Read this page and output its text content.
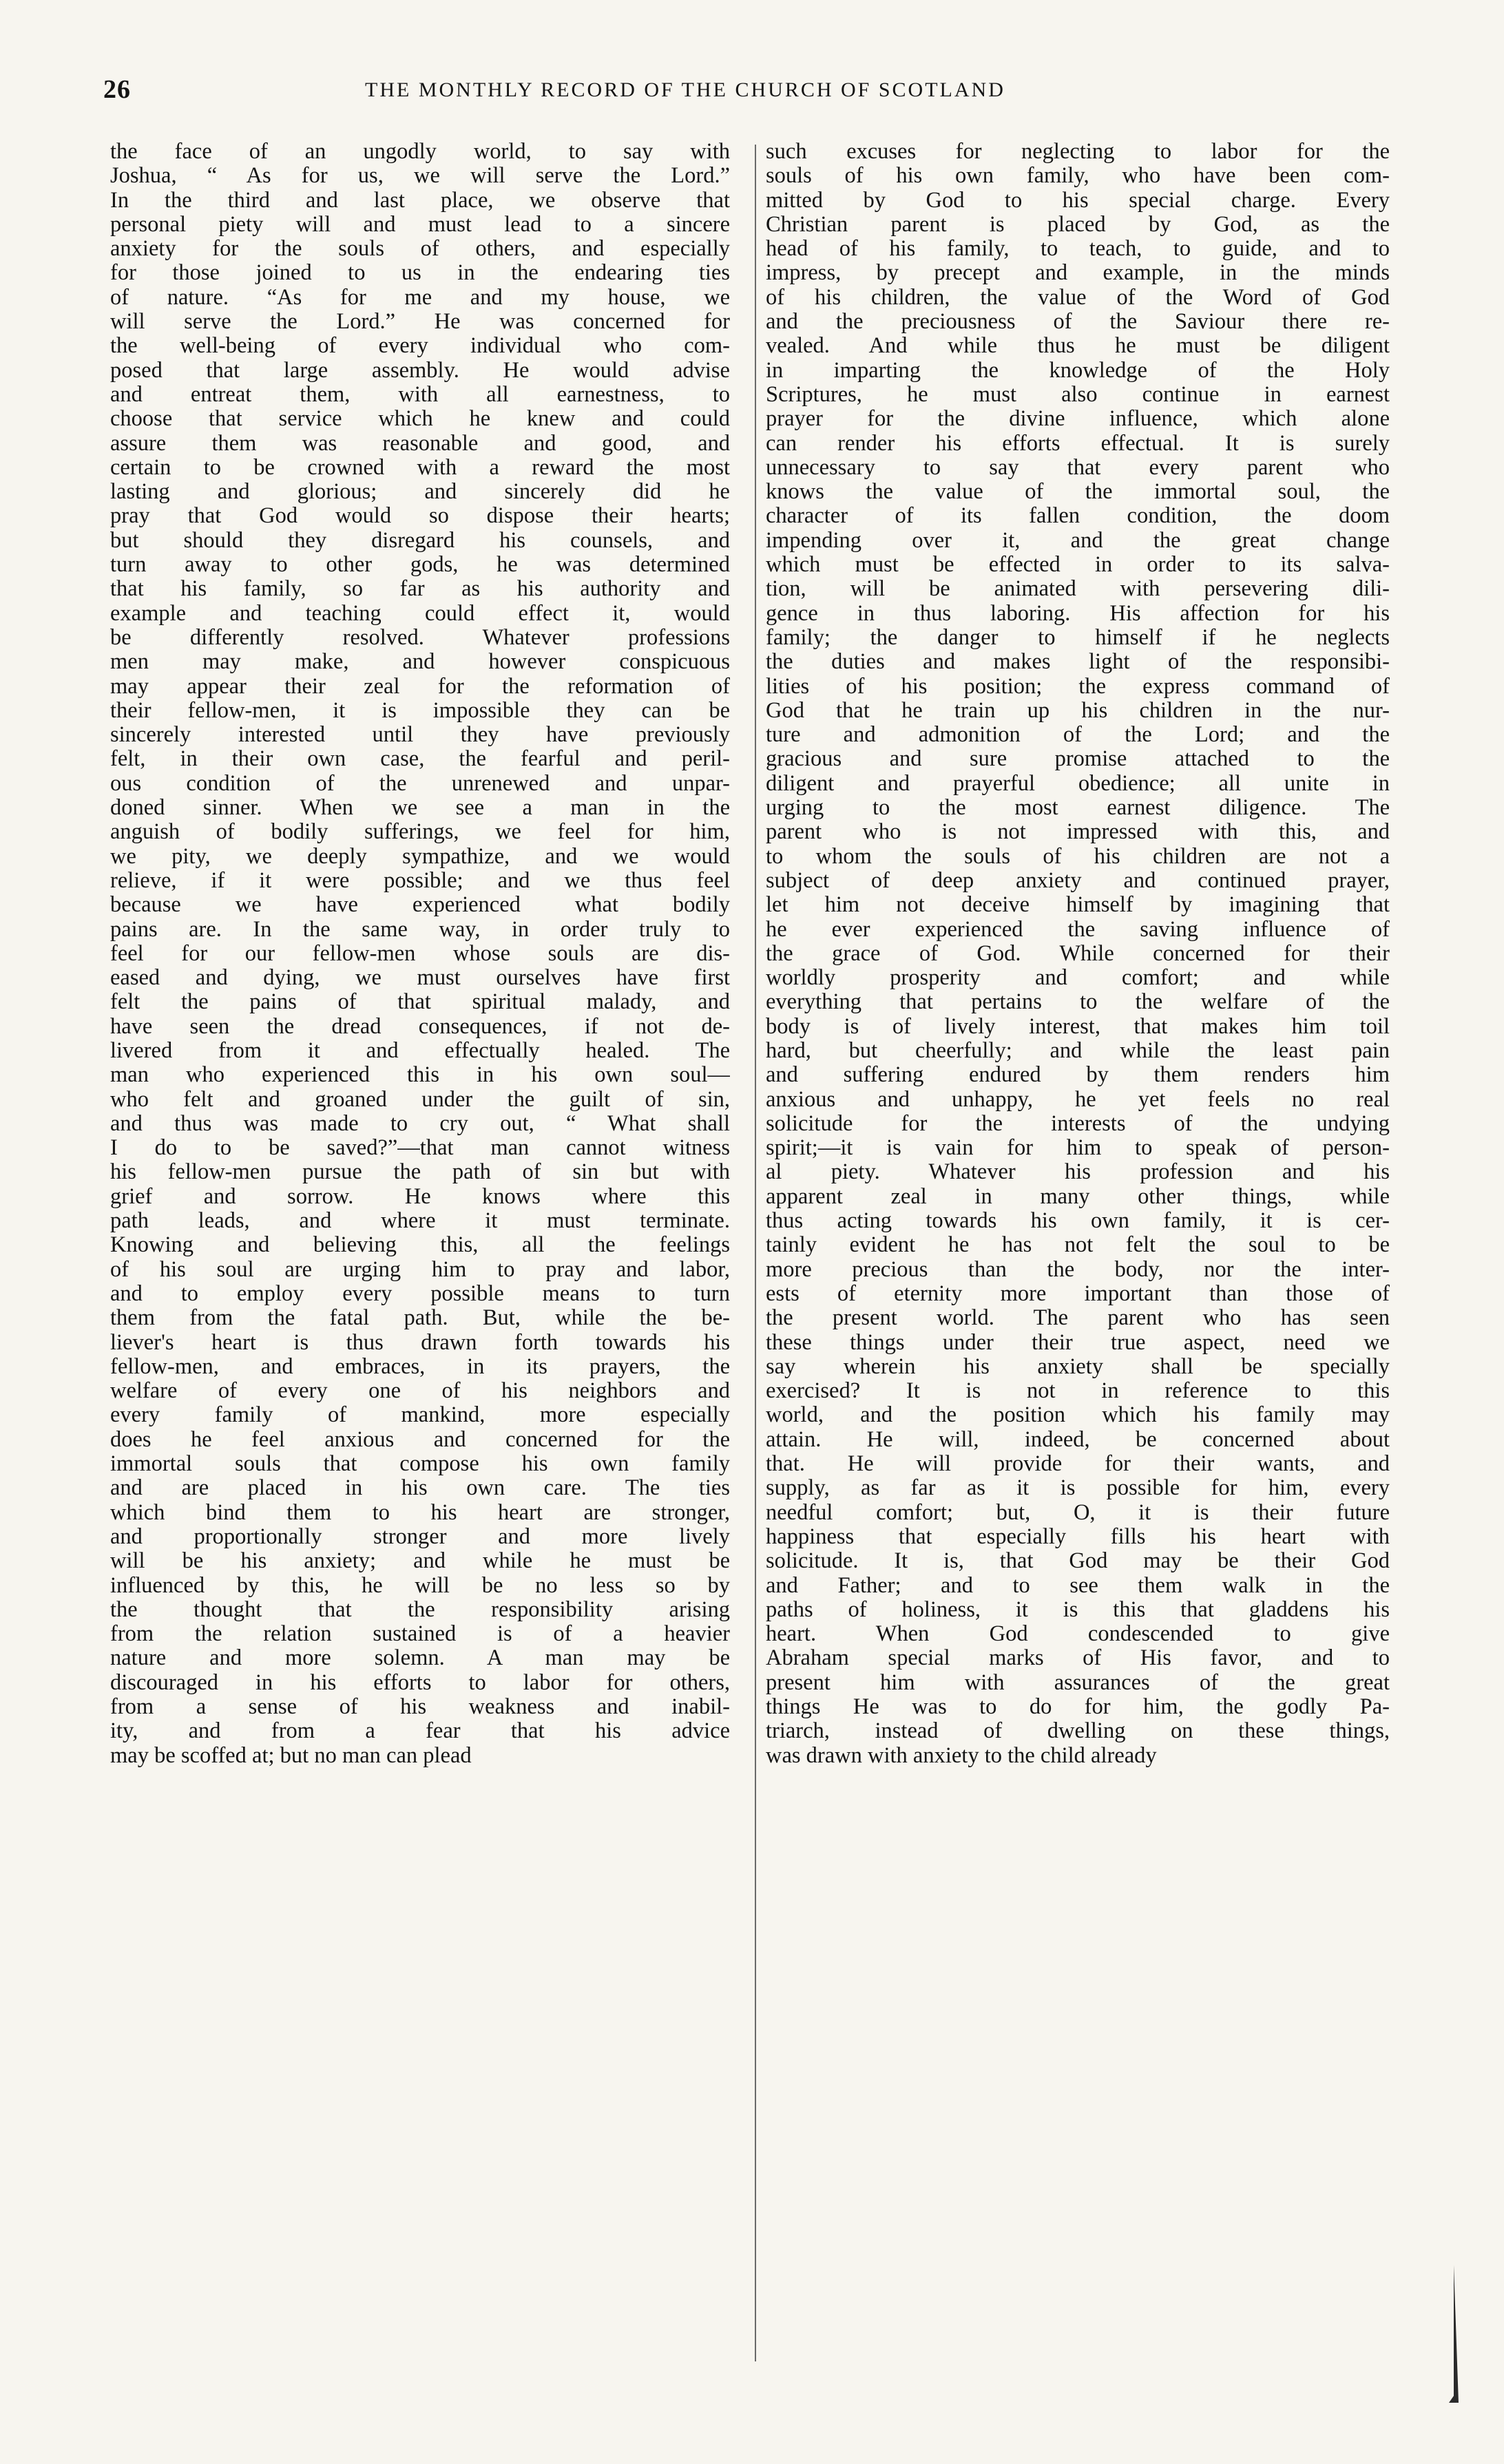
26	THE MONTHLY RECORD OF THE CHURCH OF SCOTLAND
the face of an ungodly world, to say with
Joshua, “ As for us, we will serve the Lord.”
In the third and last place, we observe that
personal piety will and must lead to a sincere
anxiety for the souls of others, and especially
for those joined to us in the endearing ties
of nature. “As for me and my house, we
will serve the Lord.” He was concerned for
the well-being of every individual who com-
posed that large assembly. He would advise
and entreat them, with all earnestness, to
choose that service which he knew and could
assure them was reasonable and good, and
certain to be crowned with a reward the most
lasting and glorious; and sincerely did he
pray that God would so dispose their hearts;
but should they disregard his counsels, and
turn away to other gods, he was determined
that his family, so far as his authority and
example and teaching could effect it, would
be differently resolved. Whatever professions
men may make, and however conspicuous
may appear their zeal for the reformation of
their fellow-men, it is impossible they can be
sincerely interested until they have previously
felt, in their own case, the fearful and peril-
ous condition of the unrenewed and unpar-
doned sinner. When we see a man in the
anguish of bodily sufferings, we feel for him,
we pity, we deeply sympathize, and we would
relieve, if it were possible; and we thus feel
because we have experienced what bodily
pains are. In the same way, in order truly to
feel for our fellow-men whose souls are dis-
eased and dying, we must ourselves have first
felt the pains of that spiritual malady, and
have seen the dread consequences, if not de-
livered from it and effectually healed. The
man who experienced this in his own soul—
who felt and groaned under the guilt of sin,
and thus was made to cry out, “ What shall
I do to be saved?”—that man cannot witness
his fellow-men pursue the path of sin but with
grief and sorrow. He knows where this
path leads, and where it must terminate.
Knowing and believing this, all the feelings
of his soul are urging him to pray and labor,
and to employ every possible means to turn
them from the fatal path. But, while the be-
liever's heart is thus drawn forth towards his
fellow-men, and embraces, in its prayers, the
welfare of every one of his neighbors and
every family of mankind, more especially
does he feel anxious and concerned for the
immortal souls that compose his own family
and are placed in his own care. The ties
which bind them to his heart are stronger,
and proportionally stronger and more lively
will be his anxiety; and while he must be
influenced by this, he will be no less so by
the thought that the responsibility arising
from the relation sustained is of a heavier
nature and more solemn. A man may be
discouraged in his efforts to labor for others,
from a sense of his weakness and inabil-
ity, and from a fear that his advice
may be scoffed at; but no man can plead
such excuses for neglecting to labor for the
souls of his own family, who have been com-
mitted by God to his special charge. Every
Christian parent is placed by God, as the
head of his family, to teach, to guide, and to
impress, by precept and example, in the minds
of his children, the value of the Word of God
and the preciousness of the Saviour there re-
vealed. And while thus he must be diligent
in imparting the knowledge of the Holy
Scriptures, he must also continue in earnest
prayer for the divine influence, which alone
can render his efforts effectual. It is surely
unnecessary to say that every parent who
knows the value of the immortal soul, the
character of its fallen condition, the doom
impending over it, and the great change
which must be effected in order to its salva-
tion, will be animated with persevering dili-
gence in thus laboring. His affection for his
family; the danger to himself if he neglects
the duties and makes light of the responsibi-
lities of his position; the express command of
God that he train up his children in the nur-
ture and admonition of the Lord; and the
gracious and sure promise attached to the
diligent and prayerful obedience; all unite in
urging to the most earnest diligence. The
parent who is not impressed with this, and
to whom the souls of his children are not a
subject of deep anxiety and continued prayer,
let him not deceive himself by imagining that
he ever experienced the saving influence of
the grace of God. While concerned for their
worldly prosperity and comfort; and while
everything that pertains to the welfare of the
body is of lively interest, that makes him toil
hard, but cheerfully; and while the least pain
and suffering endured by them renders him
anxious and unhappy, he yet feels no real
solicitude for the interests of the undying
spirit;—it is vain for him to speak of person-
al piety. Whatever his profession and his
apparent zeal in many other things, while
thus acting towards his own family, it is cer-
tainly evident he has not felt the soul to be
more precious than the body, nor the inter-
ests of eternity more important than those of
the present world. The parent who has seen
these things under their true aspect, need we
say wherein his anxiety shall be specially
exercised? It is not in reference to this
world, and the position which his family may
attain. He will, indeed, be concerned about
that. He will provide for their wants, and
supply, as far as it is possible for him, every
needful comfort; but, O, it is their future
happiness that especially fills his heart with
solicitude. It is, that God may be their God
and Father; and to see them walk in the
paths of holiness, it is this that gladdens his
heart. When God condescended to give
Abraham special marks of His favor, and to
present him with assurances of the great
things He was to do for him, the godly Pa-
triarch, instead of dwelling on these things,
was drawn with anxiety to the child already
